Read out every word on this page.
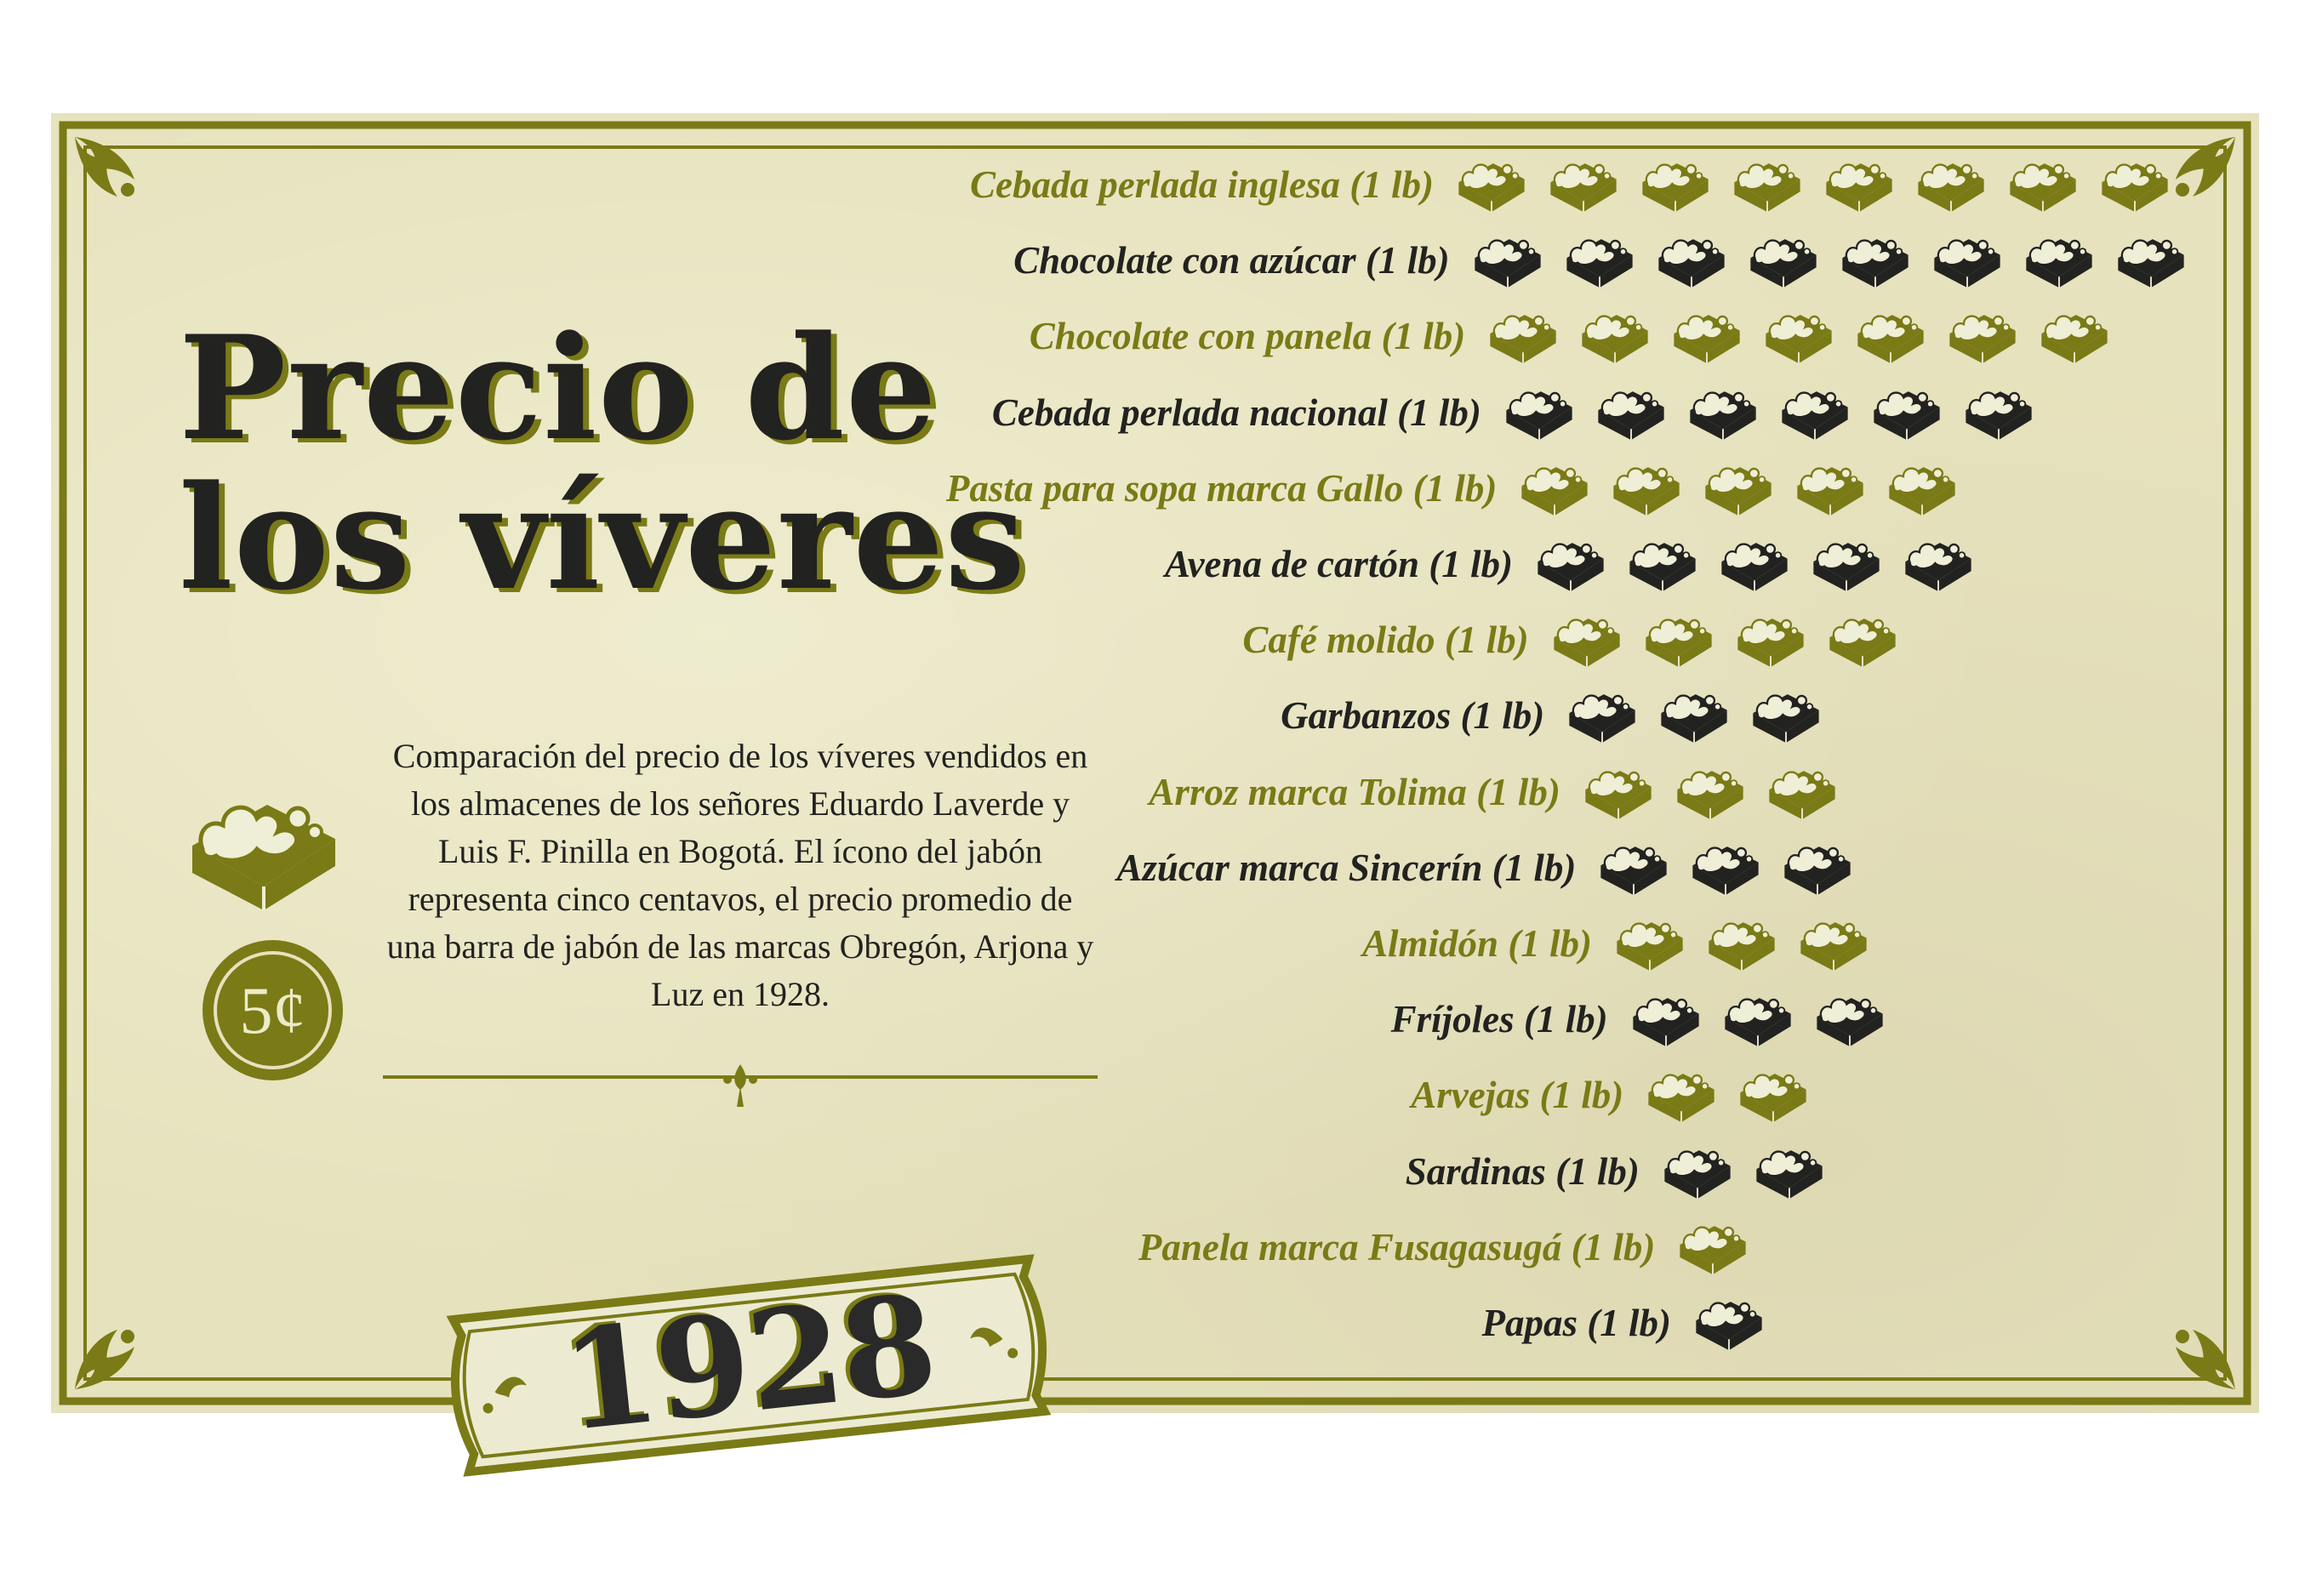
Precio de
los víveres
5¢

Comparación del precio de los víveres vendidos en los almacenes de los señores Eduardo Laverde y Luis F. Pinilla en Bogotá. El ícono del jabón representa cinco centavos, el precio promedio de una barra de jabón de las marcas Obregón, Arjona y Luz en 1928.

Cebada perlada inglesa (1 lb)
Chocolate con azúcar (1 lb)
Chocolate con panela (1 lb)
Cebada perlada nacional (1 lb)
Pasta para sopa marca Gallo (1 lb)
Avena de cartón (1 lb)
Café molido (1 lb)
Garbanzos (1 lb)
Arroz marca Tolima (1 lb)
Azúcar marca Sincerín (1 lb)
Almidón (1 lb)
Fríjoles (1 lb)
Arvejas (1 lb)
Sardinas (1 lb)
Panela marca Fusagasugá (1 lb)
Papas (1 lb)
1928
